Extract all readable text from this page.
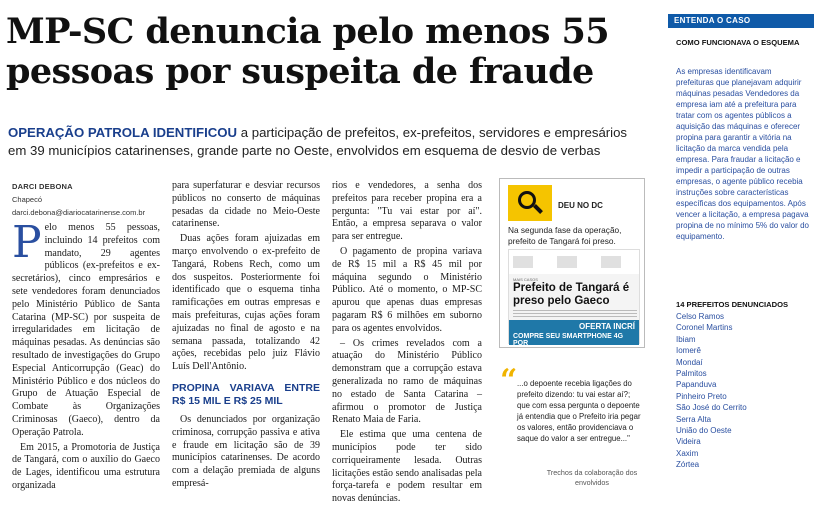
MP-SC denuncia pelo menos 55 pessoas por suspeita de fraude

OPERAÇÃO PATROLA IDENTIFICOU a participação de prefeitos, ex-prefeitos, servidores e empresários em 39 municípios catarinenses, grande parte no Oeste, envolvidos em esquema de desvio de verbas

DARCI DEBONA
Chapecó
darci.debona@diariocatarinense.com.br

Pelo menos 55 pessoas, incluindo 14 prefeitos com mandato, 29 agentes públicos (ex-prefeitos e ex-secretários), cinco empresários e sete vendedores foram denunciados pelo Ministério Público de Santa Catarina (MP-SC) por suspeita de irregularidades em licitação de máquinas pesadas. As denúncias são resultado de investigações do Grupo Especial Anticorrupção (Geac) do Ministério Público e dos núcleos do Grupo de Atuação Especial de Combate às Organizações Criminosas (Gaeco), dentro da Operação Patrola.

Em 2015, a Promotoria de Justiça de Tangará, com o auxílio do Gaeco de Lages, identificou uma estrutura organizada

para superfaturar e desviar recursos públicos no conserto de máquinas pesadas da cidade no Meio-Oeste catarinense.

Duas ações foram ajuizadas em março envolvendo o ex-prefeito de Tangará, Robens Rech, como um dos suspeitos. Posteriormente foi identificado que o esquema tinha ramificações em outras empresas e mais prefeituras, cujas ações foram ajuizadas no final de agosto e na semana passada, totalizando 42 ações, recebidas pelo juiz Flávio Luís Dell'Antônio.

PROPINA VARIAVA ENTRE R$ 15 MIL E R$ 25 MIL

Os denunciados por organização criminosa, corrupção passiva e ativa e fraude em licitação são de 39 municípios catarinenses. De acordo com a delação premiada de alguns empresá-

rios e vendedores, a senha dos prefeitos para receber propina era a pergunta: "Tu vai estar por aí". Então, a empresa separava o valor para ser entregue.

O pagamento de propina variava de R$ 15 mil a R$ 45 mil por máquina segundo o Ministério Público. Até o momento, o MP-SC apurou que apenas duas empresas pagaram R$ 6 milhões em suborno para os agentes envolvidos.

– Os crimes revelados com a atuação do Ministério Público demonstram que a corrupção estava generalizada no ramo de máquinas no estado de Santa Catarina – afirmou o promotor de Justiça Renato Maia de Faria.

Ele estima que uma centena de municípios pode ter sido corriqueiramente lesada. Outras licitações estão sendo analisadas pela força-tarefa e podem resultar em novas denúncias.

DEU NO DC
Na segunda fase da operação, prefeito de Tangará foi preso.
MAIS CASOS
Prefeito de Tangará é preso pelo Gaeco
OFERTA INCRÍ
COMPRE SEU SMARTPHONE 4G POR
“ ...o depoente recebia ligações do prefeito dizendo: tu vai estar aí?; que com essa pergunta o depoente já entendia que o Prefeito iria pegar os valores, então providenciava o saque do valor a ser entregue..."
Trechos da colaboração dos envolvidos
ENTENDA O CASO
COMO FUNCIONAVA O ESQUEMA
As empresas identificavam prefeituras que planejavam adquirir máquinas pesadas Vendedores da empresa iam até a prefeitura para tratar com os agentes públicos a aquisição das máquinas e oferecer propina para garantir a vitória na licitação da marca vendida pela empresa. Para fraudar a licitação e impedir a participação de outras empresas, o agente público recebia instruções sobre características específicas dos equipamentos. Após vencer a licitação, a empresa pagava propina de no mínimo 5% do valor do equipamento.
14 PREFEITOS DENUNCIADOS
Celso Ramos
Coronel Martins
Ibiam
Iomerê
Mondaí
Palmitos
Papanduva
Pinheiro Preto
São José do Cerrito
Serra Alta
União do Oeste
Videira
Xaxim
Zórtea
